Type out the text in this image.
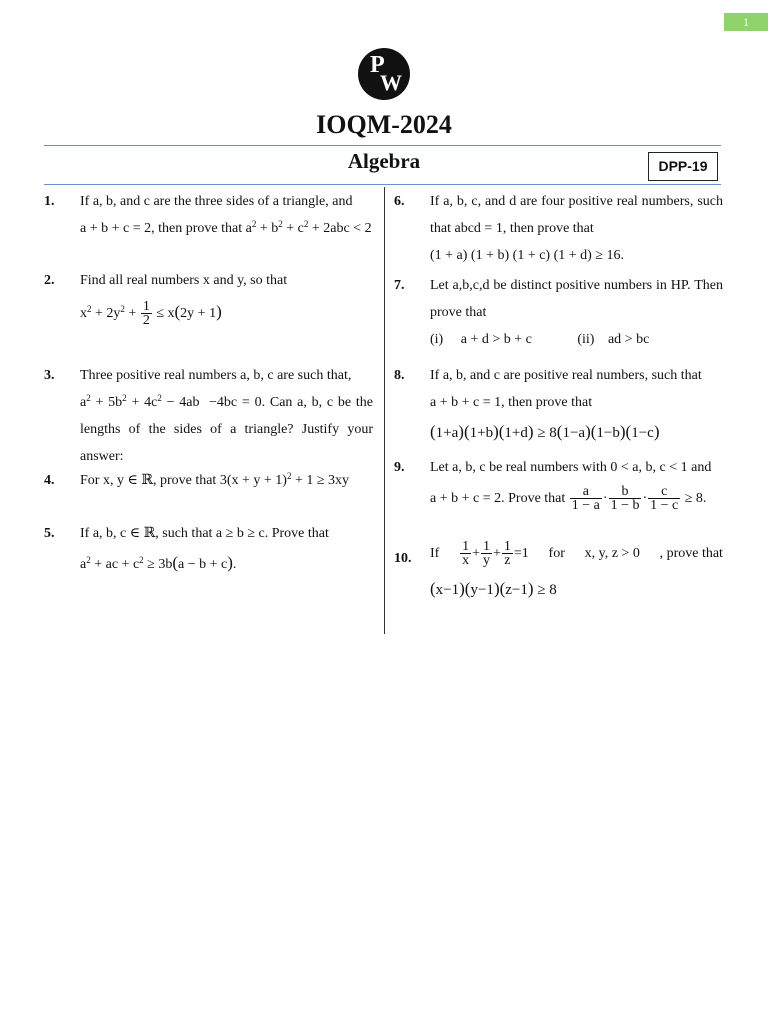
1
P
W
IOQM-2024
Algebra	DPP-19
1. If a, b, and c are the three sides of a triangle, and

a + b + c = 2, then prove that $a^2 + b^2 + c^2 + 2abc < 2$

2. Find all real numbers x and y, so that

$x^2 + 2y^2 + \frac{1}{2} \le x(2y + 1)$

3. Three positive real numbers a, b, c are such that,

$a^2 + 5b^2 + 4c^2 - 4ab -4bc = 0$. Can a, b, c be the lengths of the sides of a triangle? Justify your answer:

4. For x, y ∈ ℝ, prove that $3(x + y + 1)^2 + 1 \ge 3xy$

5. If a, b, c ∈ ℝ, such that a ≥ b ≥ c. Prove that

$a^2$ + ac + $c^2 \ge 3b(a - b + c)$.

6. If a, b, c, and d are four positive real numbers, such that abcd = 1, then prove that

(1 + a) (1 + b) (1 + c) (1 + d) ≥ 16.

7. Let a,b,c,d be distinct positive numbers in HP. Then prove that

(i) a + d > b + c	(ii) ad > bc

8. If a, b, and c are positive real numbers, such that

a + b + c = 1, then prove that

(1+a)(1+b)(1+d) ≥ 8(1−a)(1−b)(1−c)

9. Let a, b, c be real numbers with 0 < a, b, c < 1 and

a + b + c = 2. Prove that $\frac{a}{1 - a} \cdot \frac{b}{1 - b} \cdot \frac{c}{1 - c} \ge 8$.

10. If $\frac{1}{x} + \frac{1}{y} + \frac{1}{z} =1$ for x, y, z > 0 , prove that

(x−1)(y−1)(z−1) ≥ 8
